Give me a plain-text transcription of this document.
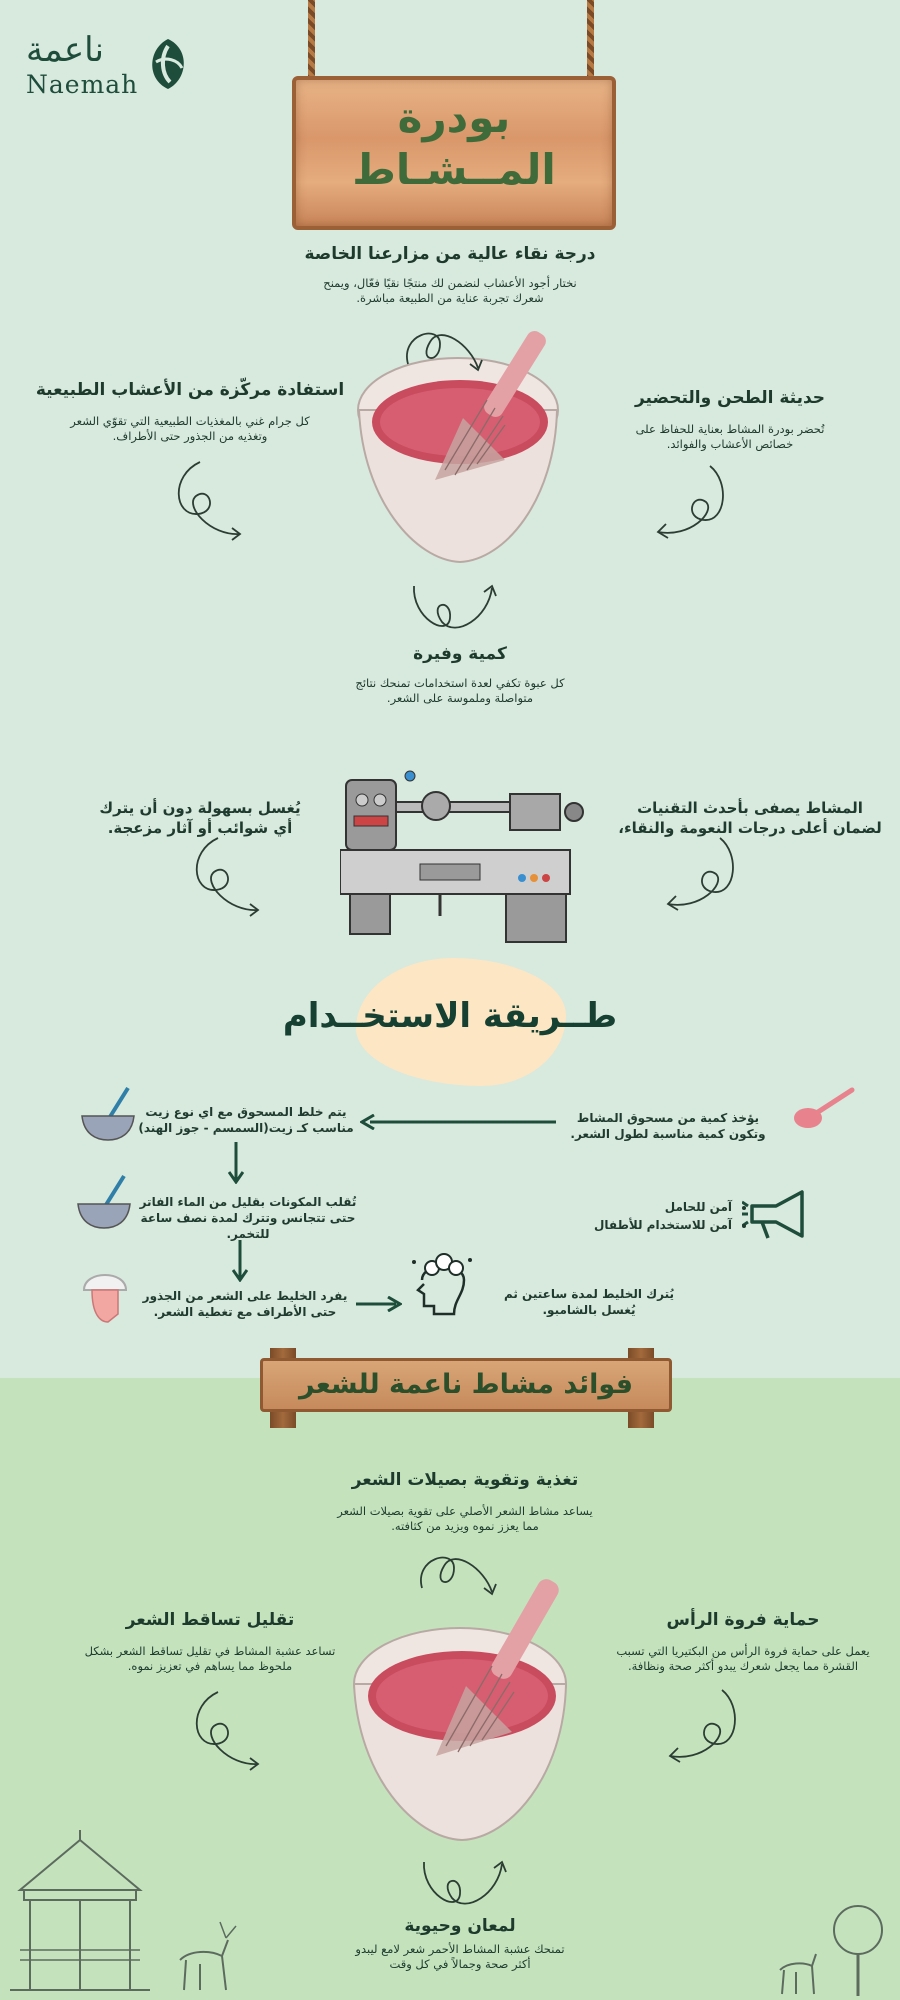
ناعمة
Naemah
بودرة
المــشـاط
درجة نقاء عالية من مزارعنا الخاصة

نختار أجود الأعشاب لنضمن لك منتجًا نقيًا فعّال، ويمنح شعرك تجربة عناية من الطبيعة مباشرة.

استفادة مركّزة من الأعشاب الطبيعية

كل جرام غني بالمغذيات الطبيعية التي تقوّي الشعر وتغذيه من الجذور حتى الأطراف.

حديثة الطحن والتحضير

تُحضر بودرة المشاط بعناية للحفاظ على خصائص الأعشاب والفوائد.

كمية وفيرة

كل عبوة تكفي لعدة استخدامات تمنحك نتائج متواصلة وملموسة على الشعر.

يُغسل بسهولة دون أن يترك أي شوائب أو آثار مزعجة.

المشاط يصفى بأحدث التقنيات لضمان أعلى درجات النعومة والنقاء،

طــريقة الاستخــدام

يؤخذ كمية من مسحوق المشاط وتكون كمية مناسبة لطول الشعر.

يتم خلط المسحوق مع اي نوع زيت مناسب كـ زيت(السمسم - جوز الهند)

تُقلب المكونات بقليل من الماء الفاتر حتى تتجانس وتترك لمدة نصف ساعة للتخمر.

• آمن للحامل
• آمن للاستخدام للأطفال

يفرد الخليط على الشعر من الجذور حتى الأطراف مع تغطية الشعر.

يُترك الخليط لمدة ساعتين ثم يُغسل بالشامبو.

فوائد مشاط ناعمة للشعر
تغذية وتقوية بصيلات الشعر

يساعد مشاط الشعر الأصلي على تقوية بصيلات الشعر مما يعزز نموه ويزيد من كثافته.

تقليل تساقط الشعر

تساعد عشبة المشاط في تقليل تساقط الشعر بشكل ملحوظ مما يساهم في تعزيز نموه.

حماية فروة الرأس

يعمل على حماية فروة الرأس من البكتيريا التي تسبب القشرة مما يجعل شعرك يبدو أكثر صحة ونظافة.

لمعان وحيوية

تمنحك عشبة المشاط الأحمر شعر لامع ليبدو أكثر صحة وجمالاً في كل وقت
